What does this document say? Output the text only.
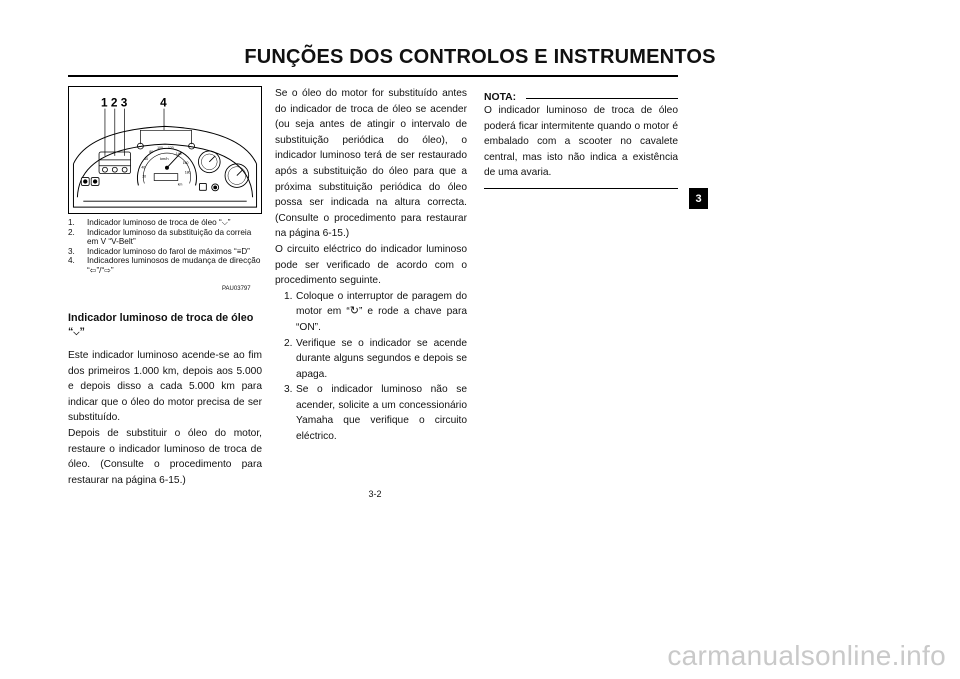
FUNÇÕES DOS CONTROLOS E INSTRUMENTOS
1 2 3	4
km/h
km
20
40
60
80
100 120
140
160
180
1. Indicador luminoso de troca de óleo “⌵”
2. Indicador luminoso da substituição da correia em V “V-Belt”
3. Indicador luminoso do farol de máximos “≡D”
4. Indicadores luminosos de mudança de direcção “⇦”/“⇨”
PAU03797
Indicador luminoso de troca de óleo
“⌵”

Este indicador luminoso acende-se ao fim dos primeiros 1.000 km, depois aos 5.000 e depois disso a cada 5.000 km para indicar que o óleo do motor precisa de ser substituído.

Depois de substituir o óleo do motor, restaure o indicador luminoso de troca de óleo. (Consulte o procedimento para restaurar na página 6-15.)

Se o óleo do motor for substituído antes do indicador de troca de óleo se acender (ou seja antes de atingir o intervalo de substituição periódica do óleo), o indicador luminoso terá de ser restaurado após a substituição do óleo para que a próxima substituição periódica do óleo possa ser indicada na altura correcta. (Consulte o procedimento para restaurar na página 6-15.)

O circuito eléctrico do indicador luminoso pode ser verificado de acordo com o procedimento seguinte.

1. Coloque o interruptor de paragem do motor em “↻” e rode a chave para “ON”.
2. Verifique se o indicador se acende durante alguns segundos e depois se apaga.
3. Se o indicador luminoso não se acender, solicite a um concessionário Yamaha que verifique o circuito eléctrico.
NOTA:
O indicador luminoso de troca de óleo poderá ficar intermitente quando o motor é embalado com a scooter no cavalete central, mas isto não indica a existência de uma avaria.
3
3-2
carmanualsonline.info
